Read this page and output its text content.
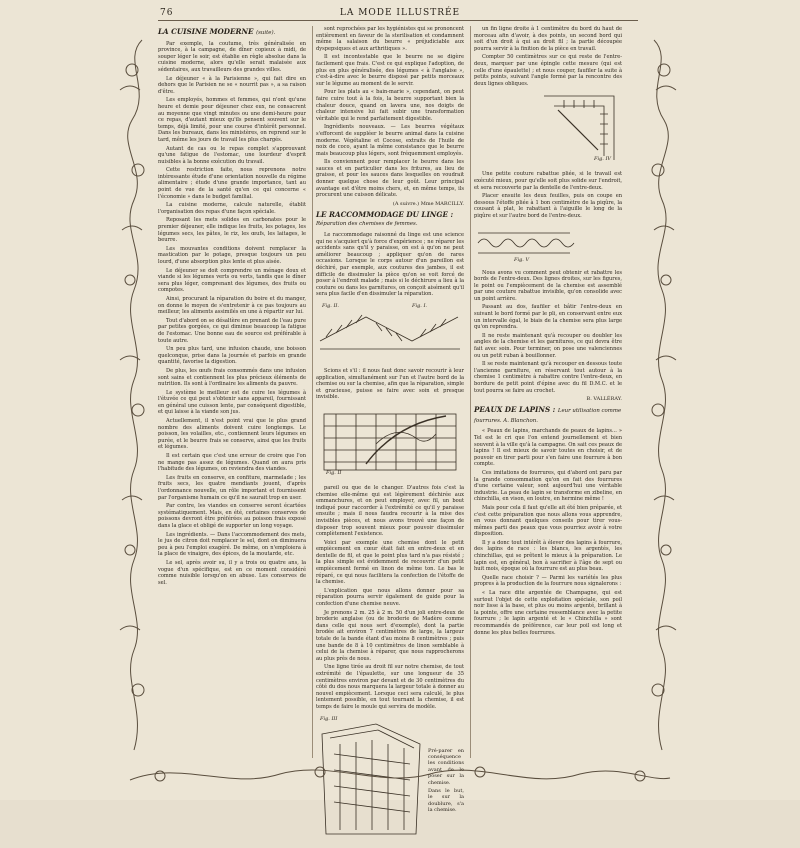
76	LA MODE ILLUSTRÉE
LA CUISINE MODERNE (suite).

Par exemple, la coutume, très généralisée en province, à la campagne, de dîner copieux à midi, de souper léger le soir, est établie en règle absolue dans la cuisine moderne, alors qu'elle serait malaisée aux sédentaires, aux travailleurs des grandes villes.

Le déjeuner « à la Parisienne », qui fait dire en dehors que le Parisien ne se « nourrit pas », a sa raison d'être.

Les employés, hommes et femmes, qui n'ont qu'une heure et demie pour déjeuner chez eux, ne consacrent au moyenne que vingt minutes ou une demi-heure pour ce repas, d'autant mieux qu'ils pensent souvent sur le temps, déjà limité, pour une course d'intérêt personnel. Dans les bureaux, dans les ministères, on reprend sur le tard, même les jours de travail les plus chargés.

Autant de cas ou le repas complet s'approuvant qu'une fatigue de l'estomac, une lourdeur d'esprit nuisibles à la bonne exécution du travail.

Cette restriction faite, nous reprenons notre intéressante étude d'une orientation nouvelle du régime alimentaire ; étude d'une grande importance, tant au point de vue de la santé qu'en ce qui concerne « l'économie » dans le budget familial.

La cuisine moderne, calcule naturelle, établit l'organisation des repas d'une façon spéciale.

Reposant les mets solides en carbonates pour le premier déjeuner, elle indique les fruits, les potages, les légumes secs, les pâtes, le riz, les œufs, les laitages, le beurre.

Les mouvantes conditions doivent remplacer la mastication par le potage, presque toujours un peu lourd, d'une absorption plus lente et plus aisée.

Le déjeuner se doit comprendre un ménage doux et viande si les légumes verts ou verts, tandis que le dîner sera plus léger, comprenant des légumes, des fruits ou compotes.

Ainsi, procurant la réparation du boire et du manger, on donne le moyen de s'entretenir à ce pas toujours au meilleur, les aliments assimilés en une à répartir sur lui.

Tout d'abord on se désaltère en prenant de l'eau pure par petites gorgées, ce qui diminue beaucoup la fatigue de l'estomac. Une bonne eau de source est préférable à toute autre.

Un peu plus tard, une infusion chaude, une boisson quelconque, prise dans la journée et parfois en grande quantité, favorise la digestion.

De plus, les œufs frais consommés dans une infusion sont sains et contiennent les plus précieux éléments de nutrition. Ils sont à l'ordinaire les aliments du pauvre.

Le système le meilleur est de cuire les légumes à l'étuvée ce qui peut s'obtenir sans appareil, fournissant en général une cuisson lente, par conséquent digestible, et qui laisse à la viande son jus.

Actuellement, il n'est point vrai que le plus grand nombre des aliments doivent cuire longtemps. Le poisson, les volailles, etc., contiennent leurs légumes en purée, et le beurre frais se conserve, ainsi que les fruits et légumes.

Il est certain que c'est une erreur de croire que l'on ne mange pas assez de légumes. Quand on aura pris l'habitude des légumes, on reviendra des viandes.

Les fruits en conserve, en confiture, marmelade ; les fruits secs, les quatre mendiants jouent, d'après l'ordonnance nouvelle, un rôle important et fournissent par l'organisme humain ce qu'il ne saurait trop en user.

Par contre, les viandes en conserve seront écartées systématiquement. Mais, en été, certaines conserves de poissons devront être préférées au poisson frais exposé dans la glace et obligé de supporter un long voyage.

Les ingrédients. — Dans l'accommodement des mets, le jus de citron doit remplacer le sel, dont on diminuera peu à peu l'emploi exagéré. De même, on n'emploiera à la place de vinaigre, des épices, de la moutarde, etc.

Le sel, après avoir su, il y a trois ou quatre ans, la vogue d'un spécifique, est en ce moment considéré comme nuisible lorsqu'on en abuse. Les conserves de sel.

sont reprochées par les hygiénistes qui se prononcent entièrement en faveur de la sterilisation et condamnent même la salaison du beurre « préjudiciable aux dyspepsiques et aux arthritiques ».

Il est incontestable que le beurre ne se digère facilement que frais. C'est ce qui explique l'adoption, de plus en plus généralisée, des légumes « à l'anglaise », c'est-à-dire avec le beurre disposé par petits morceaux sur le légume au moment de le servir.

Pour les plats au « bain-marie », cependant, on peut faire cuire tout à la fois, la beurre supportant bien la chaleur douce, quand on lavera une, nos doigts de chaleur intensive lui fait subir une transformation véritable qui le rend parfaitement digestible.

Ingrédients nouveaux. — Les beurres végétaux s'efforcent de suppléer le beurre animal dans la cuisine moderne. Végétaline et Cocose, extraits de l'huile de noix de coco, ayant la même consistance que le beurre mais beaucoup plus légers, sont fréquemment employés.

Ils conviennent pour remplacer le beurre dans les sauces et en particulier dans les fritures, au lieu de graisse, et pour les sauces dans lesquelles on voudrait donner quelque chose de leur goût. Leur principal avantage est d'être moins chers, et, en même temps, ils procurent une cuisson délicate.

(A suivre.) Mme MARCILLY.
LE RACCOMMODAGE DU LINGE : Réparation des chemises de femmes.

Le raccommodage raisonné du linge est une science qui ne s'acquiert qu'à force d'expérience ; ne réparer les accidents sans qu'il y paraisse, on est à qu'on ne peut améliorer beaucoup ; appliquer qu'on de rares occasions. Lorsque le corps autour d'un pareillon est déchiré, par exemple, aux coutures des jambes, il est difficile de dissimuler la pièce qu'on se voit forcé de poser à l'endroit malade ; mais si le déchirure a lieu à la couture ou dans les garnitures, on conçoit aisément qu'il sera plus facile d'en dissimuler la réparation.

Fig. I.
Fig. II.

Scions et s'il : il nous faut donc savoir recourir à leur application, simultanément sur l'un et l'autre bord de la chemise ou sur la chemise, afin que la réparation, simple et gracieuse, puisse se faire avec soin et presque invisible.

Fig. II

pareil ou que de le changer. D'autres fois c'est la chemise elle-même qui est légèrement déchirée aux emmanchures, et on peut employer, avec fil, un bout indiqué pour raccorder à l'extrémité ce qu'il y paraisse ensuite ; mais il nous faudra recourir à la mise des invisibles pièces, et nous avons trouvé une façon de disposer trop souvent mieux pour pouvoir dissimuler complètement l'existence.

Voici par exemple une chemise dont le petit empiècement en cœur était fait en entre-deux et en dentelle de fil, et que le point plus tard n'a pas résisté ; la plus simple est évidemment de recouvrir d'un petit empiècement fermé en linon de même ton. Le bas le réparé, ce qui nous facilitera la confection de l'étoffe de la chemise.

L'explication que nous allons donner pour sa réparation pourra servir également de guide pour la confection d'une chemise neuve.

Je prenons 2 m. 25 à 2 m. 50 d'un joli entre-deux de broderie anglaise (ou de broderie de Madère comme dans celle qui nous sert d'exemple), dont la partie brodée ait environ 7 centimètres de large, la largeur totale de la bande étant d'au moins 8 centimètres ; puis une bande de 8 à 10 centimètres de linon semblable à celui de la chemise à réparer, que nous rapprocherons au plus près de nous.

Une ligne tirée au droit fil sur notre chemise, de tout extrémité de l'épaulette, sur une longueur de 35 centimètres environ par devant et de 30 centimètres du côté du dos nous marquera la largeur totale à donner au nouvel empiècement. Lorsque ceci sera calculé, le plus lentement possible, en tout tournant la chemise, il est temps de faire le moule qui servira de modèle.

Fig. III

Pré-parer en conséquence les conditions avant de le poser sur la chemise.

Dans le but, le sur la doublure, s'a la chemise.

un fin ligne droite à 1 centimètre du bord du haut de morceau afin d'avoir, à des points, un second bord qui soit d'un droit à qui au droit fil ; la partie découpée pourra servir à la finition de la pièce en travail.

Compter 50 centimètres sur ce qui reste de l'entre-deux, marquer par une épingle cette mesure (qui est celle d'une épaulette) ; et nous couper, faufiler la suite à petits points, suivant l'angle formé par la rencontre des deux lignes obliques.

Fig. IV

Une petite couture rabattue pliée, si le travail est exécuté mieux, pour qu'elle soit plus solide sur l'endroit, et sera recouverte par la dentelle de l'entre-deux.

Placer ensuite les deux feuilles, puis on coupe en dessous l'étoffe pliée à 1 bon centimètre de la piqûre, la cousant à plat, le rabattant à l'aiguille le long de la piqûre et sur l'autre bord de l'entre-deux.

Fig. V

Nous avons vu comment peut obtenir et rabattre les bords de l'entre-deux. Des lignes droites, sur les figures, le point ou l'empiècement de la chemise est assemblé par une couture rabattue invisible, qu'on consolide avec un point arrière.

Passant au dos, faufiler et bâtir l'entre-deux en suivant le bord formé par le pli, en conservant entre eux un intervalle égal, le biais de la chemise sera plus large qu'on reprendra.

Il ne reste maintenant qu'à recouper ou doubler les angles de la chemise et les garnitures, ce qui devra être fait avec soin. Pour terminer, on pose une valenciennes ou un petit ruban à bouillonner.

Il se reste maintenant qu'à recouper en dessous toute l'ancienne garniture, en réservant tout autour à la chemise 1 centimètre à rabattre contre l'entre-deux, en bordure de petit point d'épine avec du fil D.M.C. et le tout pourra se faire au crochet.

B. VALLÉRAY.
PEAUX DE LAPINS : Leur utilisation comme fourrures. A. Blanchon.

« Peaux de lapins, marchands de peaux de lapins... » Tel est le cri que l'on entend journellement et bien souvent à la ville qu'à la campagne. On sait ces peaux de lapins ! Il est mieux de savoir toutes en choisir, et de pouvoir en tirer parti pour s'en faire une fourrure à bon compte.

Ces imitations de fourrures, qui d'abord ont paru par la grande consommation qu'on en fait des fourrures d'une certaine valeur, sont aujourd'hui une véritable industrie. La peau de lapin se transforme en zibeline, en chinchilla, en vison, en loutre, en hermine même !

Mais pour cela il faut qu'elle ait été bien préparée, et c'est cette préparation que nous allons vous apprendre, en vous donnant quelques conseils pour tirer vous-mêmes parti des peaux que vous pourriez avoir à votre disposition.

Il y a donc tout intérêt à élever des lapins à fourrure, des lapins de race : les blancs, les argentés, les chinchillas, qui se prêtent le mieux à la préparation. Le lapin est, en général, bon à sacrifier à l'âge de sept ou huit mois, époque où la fourrure est au plus beau.

Quelle race choisir ? — Parmi les variétés les plus propres à la production de la fourrure nous signalerons :

« La race dite argentée de Champagne, qui est surtout l'objet de cette exploitation spéciale, son poil noir lisse à la base, et plus ou moins argenté, brillant à la pointe, offre une certaine ressemblance avec la petite fourrure ; le lapin argenté et le « Chinchilla » sont recommandés de préférence, car leur poil est long et donne les plus belles fourrures.
